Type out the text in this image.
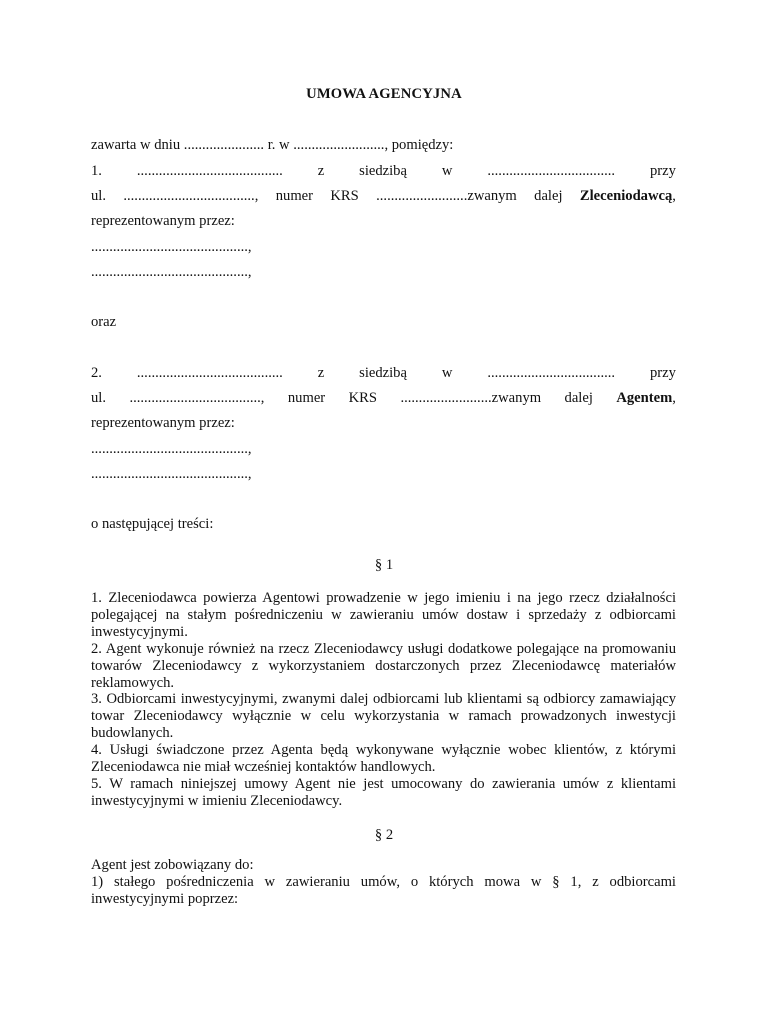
UMOWA AGENCYJNA
zawarta w dniu ...................... r. w ........................., pomiędzy:
1. ........................................ z siedzibą w ................................... przy
ul. ...................................., numer KRS .........................zwanym dalej Zleceniodawcą,
reprezentowanym przez:
...........................................,
...........................................,
oraz
2. ........................................ z siedzibą w ................................... przy
ul. ...................................., numer KRS .........................zwanym dalej Agentem,
reprezentowanym przez:
...........................................,
...........................................,
o następującej treści:
§ 1

1. Zleceniodawca powierza Agentowi prowadzenie w jego imieniu i na jego rzecz działalności polegającej na stałym pośredniczeniu w zawieraniu umów dostaw i sprzedaży z odbiorcami inwestycyjnymi.

2. Agent wykonuje również na rzecz Zleceniodawcy usługi dodatkowe polegające na promowaniu towarów Zleceniodawcy z wykorzystaniem dostarczonych przez Zleceniodawcę materiałów reklamowych.

3. Odbiorcami inwestycyjnymi, zwanymi dalej odbiorcami lub klientami są odbiorcy zamawiający towar Zleceniodawcy wyłącznie w celu wykorzystania w ramach prowadzonych inwestycji budowlanych.

4. Usługi świadczone przez Agenta będą wykonywane wyłącznie wobec klientów, z którymi Zleceniodawca nie miał wcześniej kontaktów handlowych.

5. W ramach niniejszej umowy Agent nie jest umocowany do zawierania umów z klientami inwestycyjnymi w imieniu Zleceniodawcy.

§ 2

Agent jest zobowiązany do:

1) stałego pośredniczenia w zawieraniu umów, o których mowa w § 1, z odbiorcami inwestycyjnymi poprzez:
